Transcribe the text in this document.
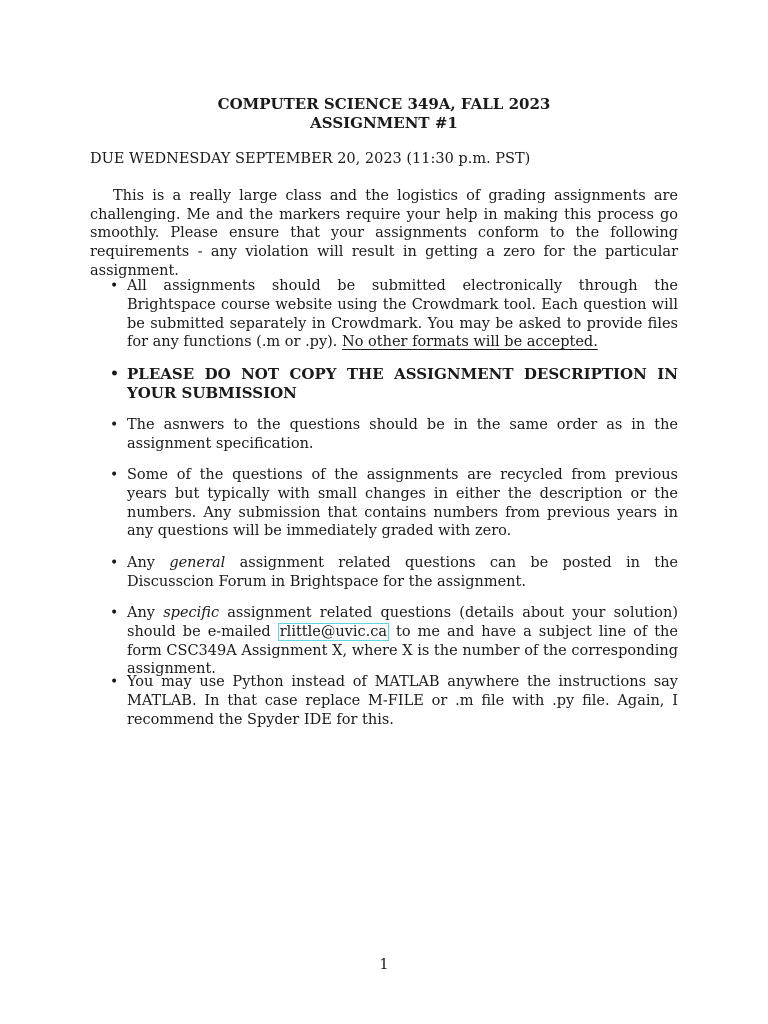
COMPUTER SCIENCE 349A, FALL 2023
ASSIGNMENT #1
DUE WEDNESDAY SEPTEMBER 20, 2023 (11:30 p.m. PST)
This is a really large class and the logistics of grading assignments are challenging. Me and the markers require your help in making this process go smoothly. Please ensure that your assignments conform to the following requirements - any violation will result in getting a zero for the particular assignment.
• All assignments should be submitted electronically through the Brightspace course website using the Crowdmark tool. Each question will be submitted separately in Crowdmark. You may be asked to provide files for any functions (.m or .py). No other formats will be accepted.
• PLEASE DO NOT COPY THE ASSIGNMENT DESCRIPTION IN YOUR SUBMISSION
• The asnwers to the questions should be in the same order as in the assignment specification.
• Some of the questions of the assignments are recycled from previous years but typically with small changes in either the description or the numbers. Any submission that contains numbers from previous years in any questions will be immediately graded with zero.
• Any general assignment related questions can be posted in the Discusscion Forum in Brightspace for the assignment.
• Any specific assignment related questions (details about your solution) should be e-mailed rlittle@uvic.ca to me and have a subject line of the form CSC349A Assignment X, where X is the number of the corresponding assignment.
• You may use Python instead of MATLAB anywhere the instructions say MATLAB. In that case replace M-FILE or .m file with .py file. Again, I recommend the Spyder IDE for this.
1
